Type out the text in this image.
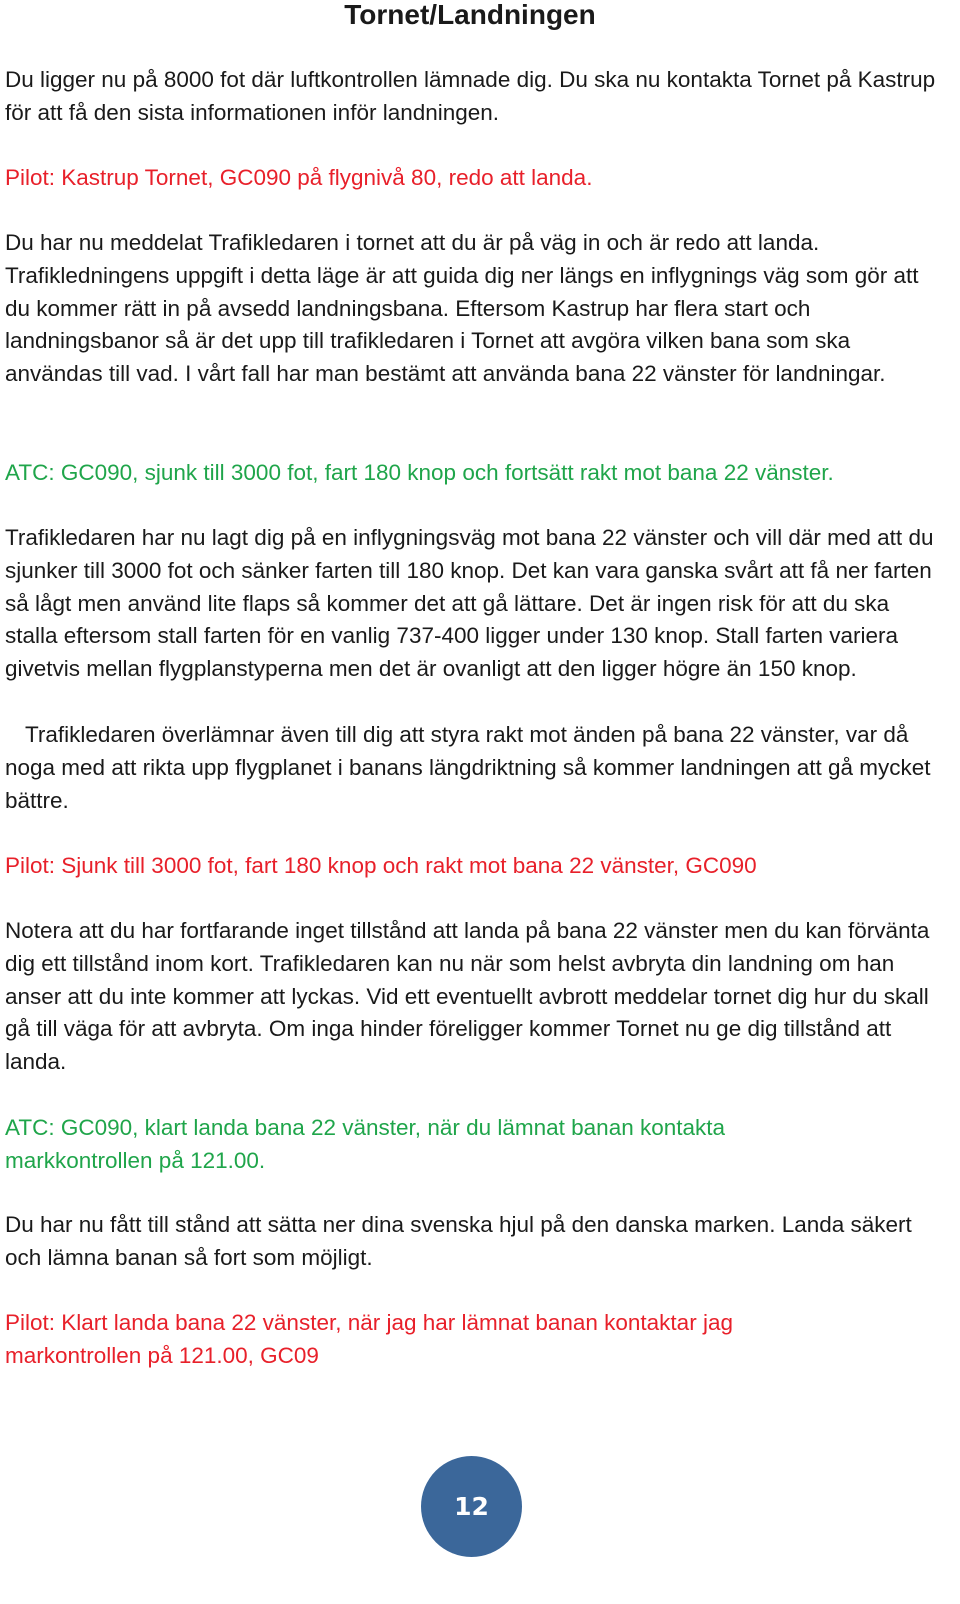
Tornet/Landningen

Du ligger nu på 8000 fot där luftkontrollen lämnade dig. Du ska nu kontakta Tornet på Kastrup för att få den sista informationen inför landningen.

Pilot: Kastrup Tornet, GC090 på flygnivå 80, redo att landa.

Du har nu meddelat Trafikledaren i tornet att du är på väg in och är redo att landa. Trafikledningens uppgift i detta läge är att guida dig ner längs en inflygnings väg som gör att du kommer rätt in på avsedd landningsbana. Eftersom Kastrup har flera start och landningsbanor så är det upp till trafikledaren i Tornet att avgöra vilken bana som ska användas till vad. I vårt fall har man bestämt att använda bana 22 vänster för landningar.

ATC: GC090, sjunk till 3000 fot, fart 180 knop och fortsätt rakt mot bana 22 vänster.

Trafikledaren har nu lagt dig på en inflygningsväg mot bana 22 vänster och vill där med att du sjunker till 3000 fot och sänker farten till 180 knop. Det kan vara ganska svårt att få ner farten så lågt men använd lite flaps så kommer det att gå lättare. Det är ingen risk för att du ska stalla eftersom stall farten för en vanlig 737-400 ligger under 130 knop. Stall farten variera givetvis mellan flygplanstyperna men det är ovanligt att den ligger högre än 150 knop.

Trafikledaren överlämnar även till dig att styra rakt mot änden på bana 22 vänster, var då noga med att rikta upp flygplanet i banans längdriktning så kommer landningen att gå mycket bättre.

Pilot: Sjunk till 3000 fot, fart 180 knop och rakt mot bana 22 vänster, GC090

Notera att du har fortfarande inget tillstånd att landa på bana 22 vänster men du kan förvänta dig ett tillstånd inom kort. Trafikledaren kan nu när som helst avbryta din landning om han anser att du inte kommer att lyckas. Vid ett eventuellt avbrott meddelar tornet dig hur du skall gå till väga för att avbryta. Om inga hinder föreligger kommer Tornet nu ge dig tillstånd att landa.

ATC: GC090, klart landa bana 22 vänster, när du lämnat banan kontakta markkontrollen på 121.00.

Du har nu fått till stånd att sätta ner dina svenska hjul på den danska marken. Landa säkert och lämna banan så fort som möjligt.

Pilot: Klart landa bana 22 vänster, när jag har lämnat banan kontaktar jag markontrollen på 121.00, GC09

12
